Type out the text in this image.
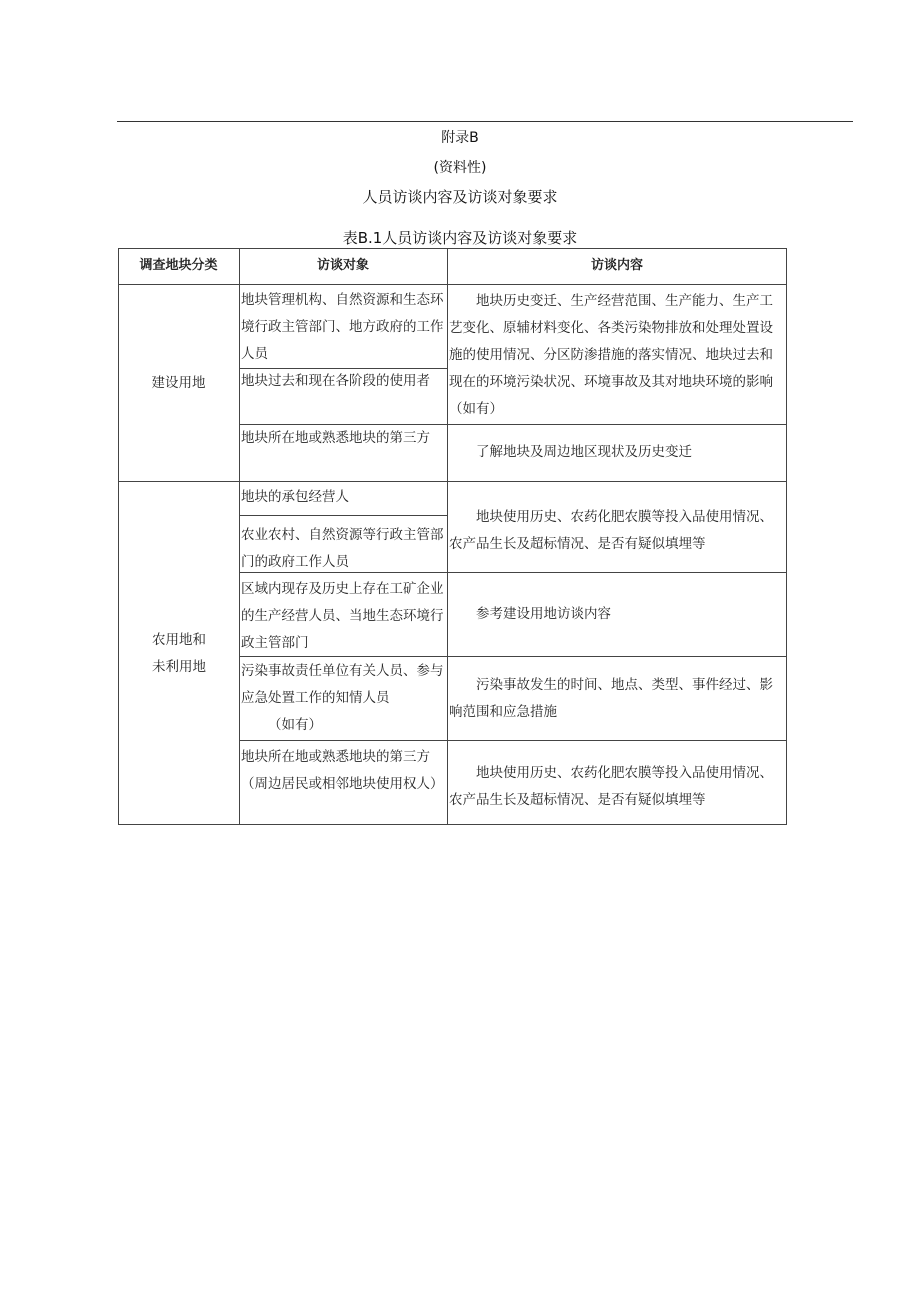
附录B
(资料性)
人员访谈内容及访谈对象要求
表B.1人员访谈内容及访谈对象要求
调查地块分类	访谈对象	访谈内容
建设用地
地块管理机构、自然资源和生态环境行政主管部门、地方政府的工作人员
地块过去和现在各阶段的使用者
地块所在地或熟悉地块的第三方
地块历史变迁、生产经营范围、生产能力、生产工艺变化、原辅材料变化、各类污染物排放和处理处置设施的使用情况、分区防渗措施的落实情况、地块过去和现在的环境污染状况、环境事故及其对地块环境的影响（如有）
了解地块及周边地区现状及历史变迁
农用地和未利用地
地块的承包经营人
农业农村、自然资源等行政主管部门的政府工作人员
区域内现存及历史上存在工矿企业的生产经营人员、当地生态环境行政主管部门
污染事故责任单位有关人员、参与应急处置工作的知情人员
（如有）
地块所在地或熟悉地块的第三方（周边居民或相邻地块使用权人）
地块使用历史、农药化肥农膜等投入品使用情况、农产品生长及超标情况、是否有疑似填埋等
参考建设用地访谈内容
污染事故发生的时间、地点、类型、事件经过、影响范围和应急措施
地块使用历史、农药化肥农膜等投入品使用情况、农产品生长及超标情况、是否有疑似填埋等
